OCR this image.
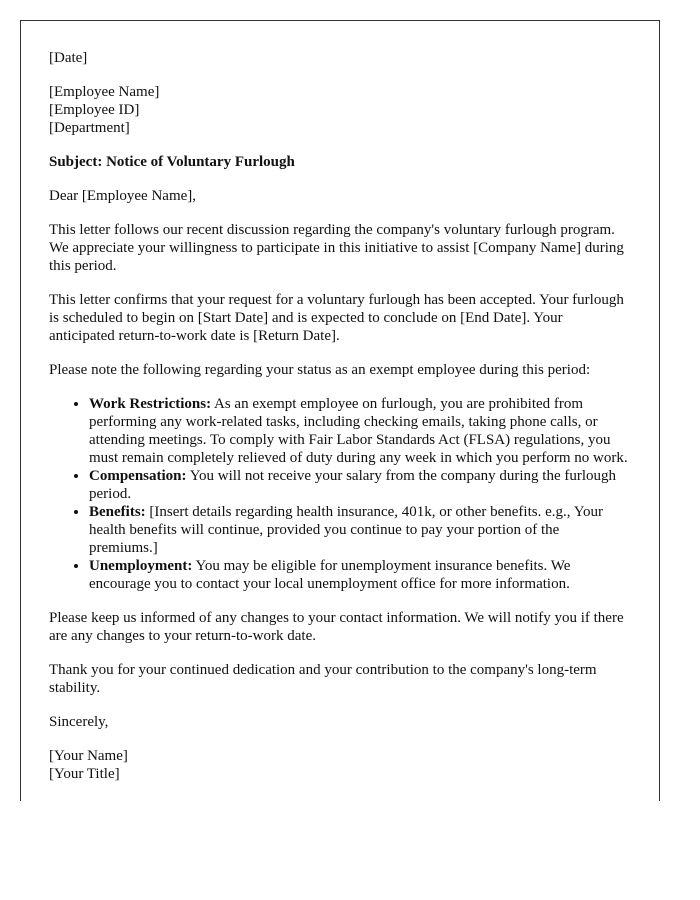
[Date]

[Employee Name]
[Employee ID]
[Department]

Subject: Notice of Voluntary Furlough

Dear [Employee Name],

This letter follows our recent discussion regarding the company's voluntary furlough program. We appreciate your willingness to participate in this initiative to assist [Company Name] during this period.

This letter confirms that your request for a voluntary furlough has been accepted. Your furlough is scheduled to begin on [Start Date] and is expected to conclude on [End Date]. Your anticipated return-to-work date is [Return Date].

Please note the following regarding your status as an exempt employee during this period:

• Work Restrictions: As an exempt employee on furlough, you are prohibited from performing any work-related tasks, including checking emails, taking phone calls, or attending meetings. To comply with Fair Labor Standards Act (FLSA) regulations, you must remain completely relieved of duty during any week in which you perform no work.
• Compensation: You will not receive your salary from the company during the furlough period.
• Benefits: [Insert details regarding health insurance, 401k, or other benefits. e.g., Your health benefits will continue, provided you continue to pay your portion of the premiums.]
• Unemployment: You may be eligible for unemployment insurance benefits. We encourage you to contact your local unemployment office for more information.

Please keep us informed of any changes to your contact information. We will notify you if there are any changes to your return-to-work date.

Thank you for your continued dedication and your contribution to the company's long-term stability.

Sincerely,

[Your Name]
[Your Title]
